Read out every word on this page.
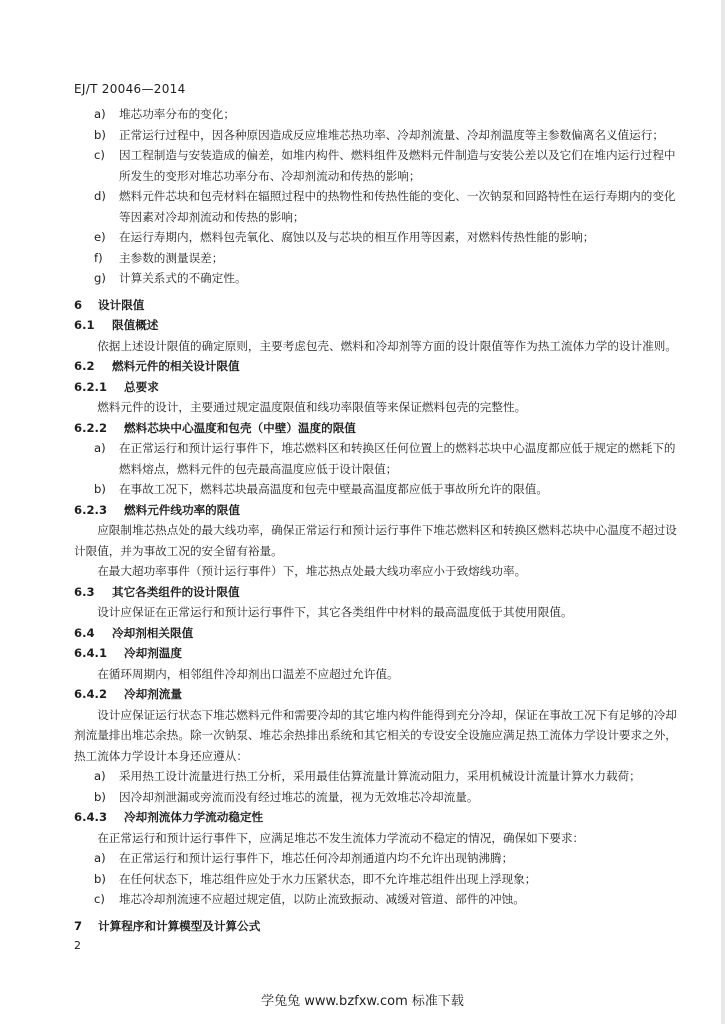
EJ/T 20046—2014
a) 堆芯功率分布的变化；
b) 正常运行过程中，因各种原因造成反应堆堆芯热功率、冷却剂流量、冷却剂温度等主参数偏离名义值运行；
c) 因工程制造与安装造成的偏差，如堆内构件、燃料组件及燃料元件制造与安装公差以及它们在堆内运行过程中所发生的变形对堆芯功率分布、冷却剂流动和传热的影响；
d) 燃料元件芯块和包壳材料在辐照过程中的热物性和传热性能的变化、一次钠泵和回路特性在运行寿期内的变化等因素对冷却剂流动和传热的影响；
e) 在运行寿期内，燃料包壳氧化、腐蚀以及与芯块的相互作用等因素，对燃料传热性能的影响；
f) 主参数的测量误差；
g) 计算关系式的不确定性。
6 设计限值
6.1 限值概述
依据上述设计限值的确定原则，主要考虑包壳、燃料和冷却剂等方面的设计限值等作为热工流体力学的设计准则。
6.2 燃料元件的相关设计限值
6.2.1 总要求
燃料元件的设计，主要通过规定温度限值和线功率限值等来保证燃料包壳的完整性。
6.2.2 燃料芯块中心温度和包壳（中壁）温度的限值
a) 在正常运行和预计运行事件下，堆芯燃料区和转换区任何位置上的燃料芯块中心温度都应低于规定的燃耗下的燃料熔点，燃料元件的包壳最高温度应低于设计限值；
b) 在事故工况下，燃料芯块最高温度和包壳中壁最高温度都应低于事故所允许的限值。
6.2.3 燃料元件线功率的限值
应限制堆芯热点处的最大线功率，确保正常运行和预计运行事件下堆芯燃料区和转换区燃料芯块中心温度不超过设计限值，并为事故工况的安全留有裕量。
在最大超功率事件（预计运行事件）下，堆芯热点处最大线功率应小于致熔线功率。
6.3 其它各类组件的设计限值
设计应保证在正常运行和预计运行事件下，其它各类组件中材料的最高温度低于其使用限值。
6.4 冷却剂相关限值
6.4.1 冷却剂温度
在循环周期内，相邻组件冷却剂出口温差不应超过允许值。
6.4.2 冷却剂流量
设计应保证运行状态下堆芯燃料元件和需要冷却的其它堆内构件能得到充分冷却，保证在事故工况下有足够的冷却剂流量排出堆芯余热。除一次钠泵、堆芯余热排出系统和其它相关的专设安全设施应满足热工流体力学设计要求之外，热工流体力学设计本身还应遵从：
a) 采用热工设计流量进行热工分析，采用最佳估算流量计算流动阻力，采用机械设计流量计算水力载荷；
b) 因冷却剂泄漏或旁流而没有经过堆芯的流量，视为无效堆芯冷却流量。
6.4.3 冷却剂流体力学流动稳定性
在正常运行和预计运行事件下，应满足堆芯不发生流体力学流动不稳定的情况，确保如下要求：
a) 在正常运行和预计运行事件下，堆芯任何冷却剂通道内均不允许出现钠沸腾；
b) 在任何状态下，堆芯组件应处于水力压紧状态，即不允许堆芯组件出现上浮现象；
c) 堆芯冷却剂流速不应超过规定值，以防止流致振动、减缓对管道、部件的冲蚀。
7 计算程序和计算模型及计算公式
2
学兔兔 www.bzfxw.com 标准下载
